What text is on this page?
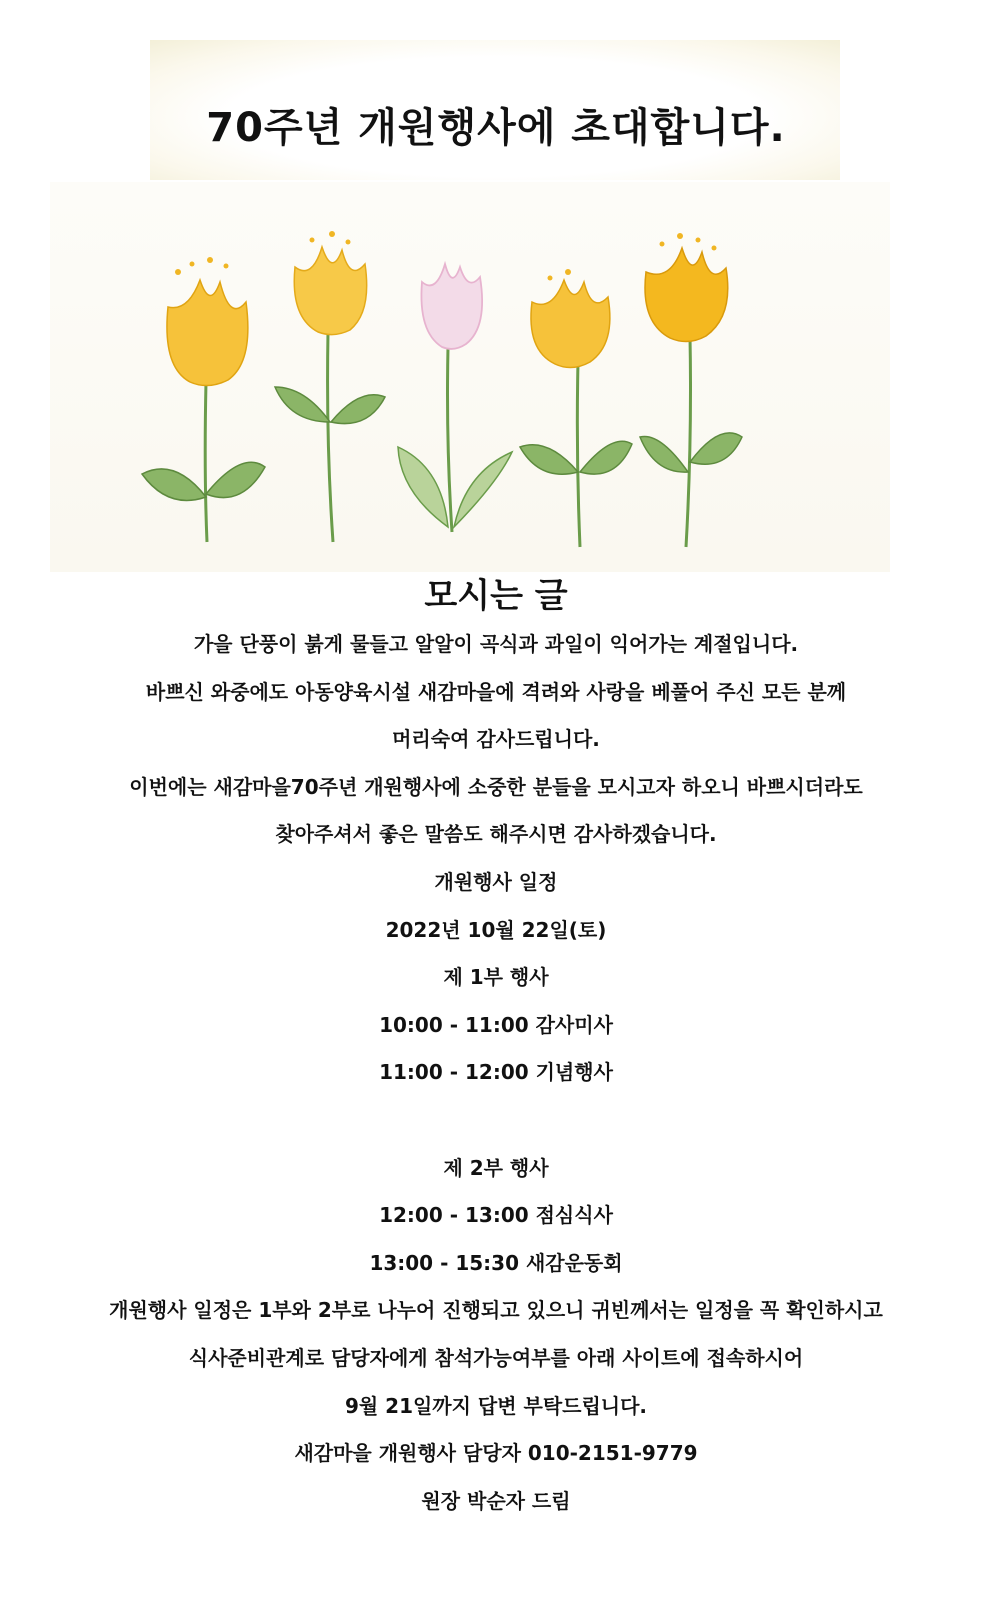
70주년 개원행사에 초대합니다.
모시는 글
가을 단풍이 붉게 물들고 알알이 곡식과 과일이 익어가는 계절입니다.
바쁘신 와중에도 아동양육시설 새감마을에 격려와 사랑을 베풀어 주신 모든 분께
머리숙여 감사드립니다.
이번에는 새감마을70주년 개원행사에 소중한 분들을 모시고자 하오니 바쁘시더라도
찾아주셔서 좋은 말씀도 해주시면 감사하겠습니다.
개원행사 일정
2022년 10월 22일(토)
제 1부 행사
10:00 - 11:00 감사미사
11:00 - 12:00 기념행사
제 2부 행사
12:00 - 13:00 점심식사
13:00 - 15:30 새감운동회
개원행사 일정은 1부와 2부로 나누어 진행되고 있으니 귀빈께서는 일정을 꼭 확인하시고
식사준비관계로 담당자에게 참석가능여부를 아래 사이트에 접속하시어
9월 21일까지 답변 부탁드립니다.
새감마을 개원행사 담당자 010-2151-9779
원장 박순자 드림
